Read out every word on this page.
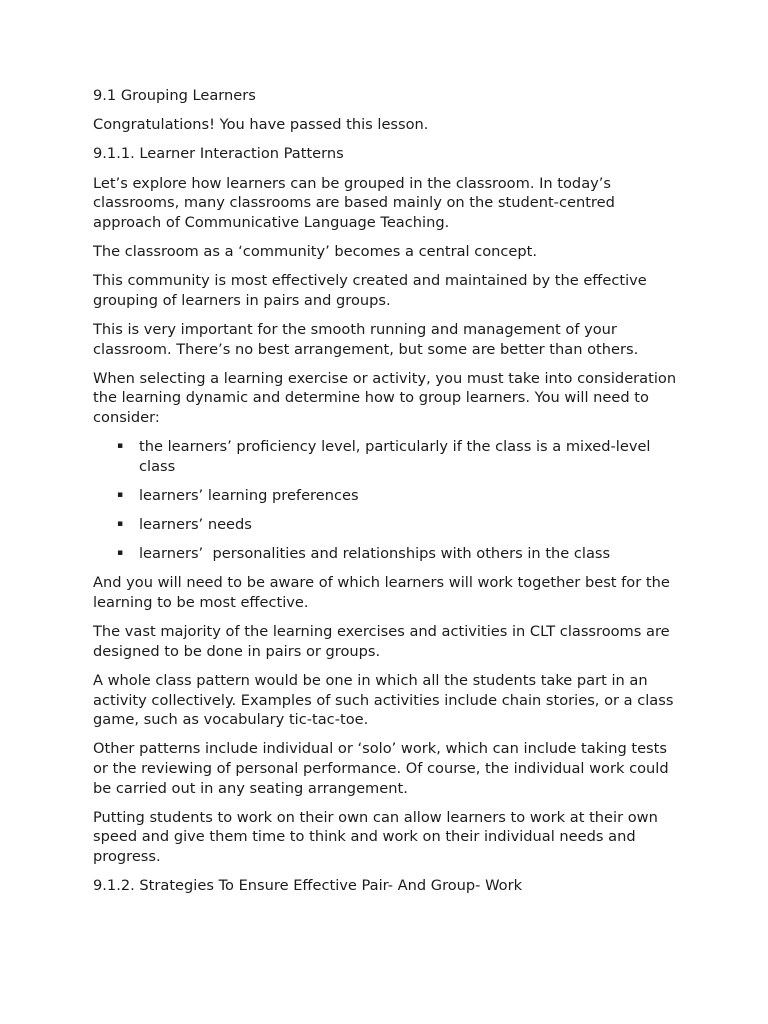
9.1 Grouping Learners

Congratulations! You have passed this lesson.

9.1.1. Learner Interaction Patterns

Let’s explore how learners can be grouped in the classroom. In today’s classrooms, many classrooms are based mainly on the student-centred approach of Communicative Language Teaching.

The classroom as a ‘community’ becomes a central concept.

This community is most effectively created and maintained by the effective grouping of learners in pairs and groups.

This is very important for the smooth running and management of your classroom. There’s no best arrangement, but some are better than others.

When selecting a learning exercise or activity, you must take into consideration the learning dynamic and determine how to group learners. You will need to consider:

▪	the learners’ proficiency level, particularly if the class is a mixed-level class
▪	learners’ learning preferences
▪	learners’ needs
▪	learners’  personalities and relationships with others in the class

And you will need to be aware of which learners will work together best for the learning to be most effective.

The vast majority of the learning exercises and activities in CLT classrooms are designed to be done in pairs or groups.

A whole class pattern would be one in which all the students take part in an activity collectively. Examples of such activities include chain stories, or a class game, such as vocabulary tic-tac-toe.

Other patterns include individual or ‘solo’ work, which can include taking tests or the reviewing of personal performance. Of course, the individual work could be carried out in any seating arrangement.

Putting students to work on their own can allow learners to work at their own speed and give them time to think and work on their individual needs and progress.

9.1.2. Strategies To Ensure Effective Pair- And Group- Work
